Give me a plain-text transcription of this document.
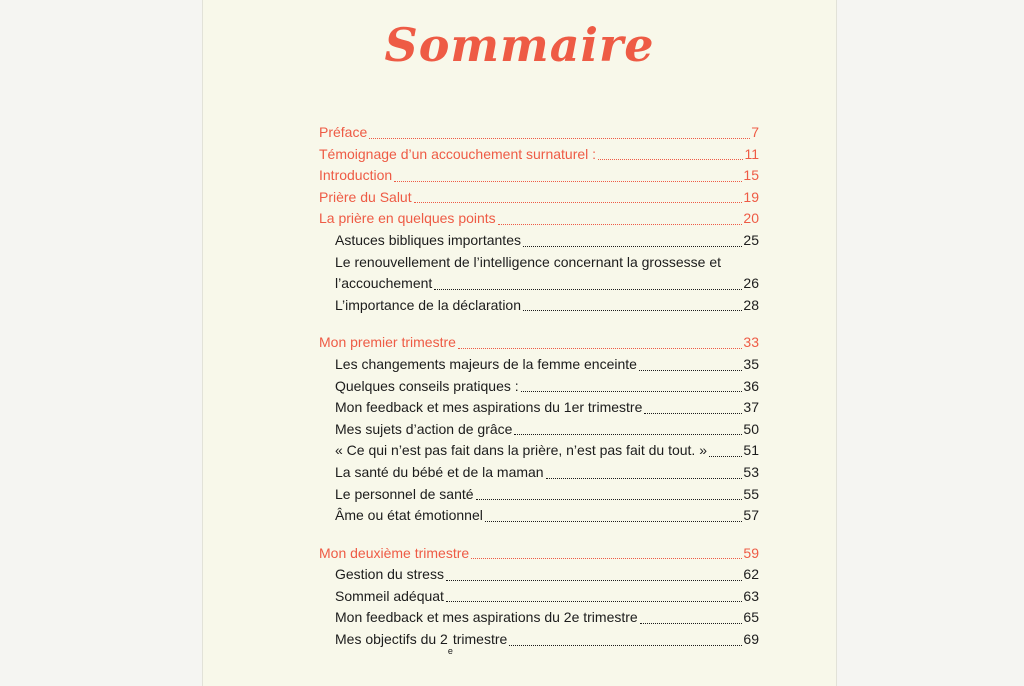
Sommaire
Préface	7
Témoignage d’un accouchement surnaturel :	11
Introduction	15
Prière du Salut	19
La prière en quelques points	20
Astuces bibliques importantes	25
Le renouvellement de l’intelligence concernant la grossesse et
l’accouchement	26
L’importance de la déclaration	28
Mon premier trimestre	33
Les changements majeurs de la femme enceinte	35
Quelques conseils pratiques :	36
Mon feedback et mes aspirations du 1er trimestre	37
Mes sujets d’action de grâce	50
« Ce qui n’est pas fait dans la prière, n’est pas fait du tout. »	51
La santé du bébé et de la maman	53
Le personnel de santé	55
Âme ou état émotionnel	57
Mon deuxième trimestre	59
Gestion du stress	62
Sommeil adéquat	63
Mon feedback et mes aspirations du 2e trimestre	65
Mes objectifs du 2
e
trimestre	69
